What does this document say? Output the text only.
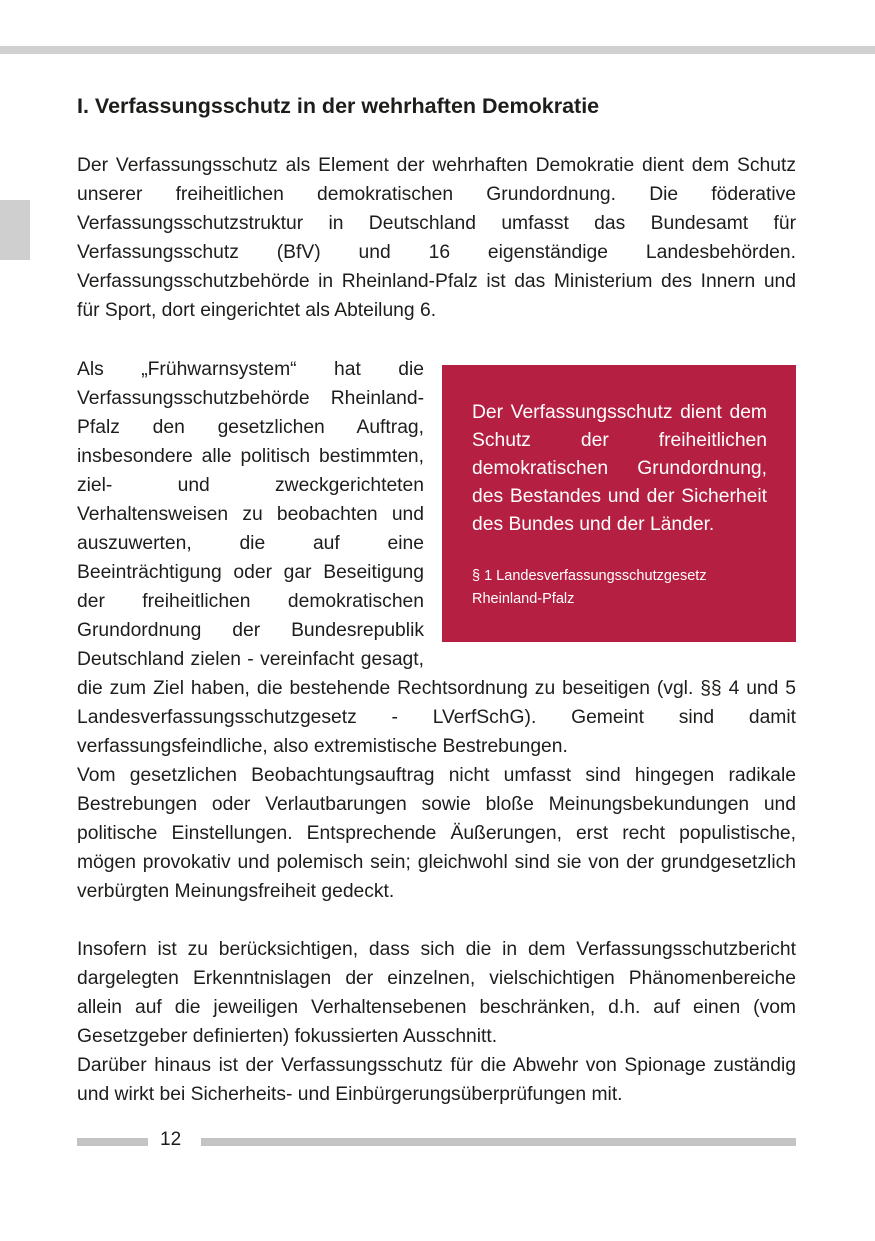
I. Verfassungsschutz in der wehrhaften Demokratie

Der Verfassungsschutz als Element der wehrhaften Demokratie dient dem Schutz unserer freiheitlichen demokratischen Grundordnung. Die föderative Verfassungsschutzstruktur in Deutschland umfasst das Bundesamt für Verfassungsschutz (BfV) und 16 eigenständige Landesbehörden. Verfassungsschutzbehörde in Rheinland-Pfalz ist das Ministerium des Innern und für Sport, dort eingerichtet als Abteilung 6.

Der Verfassungsschutz dient dem Schutz der freiheitlichen demokratischen Grundordnung, des Bestandes und der Sicherheit des Bundes und der Länder.

§ 1 Landesverfassungsschutzgesetz
Rheinland-Pfalz

Als „Frühwarnsystem“ hat die Verfassungsschutzbehörde Rheinland-Pfalz den gesetzlichen Auftrag, insbesondere alle politisch bestimmten, ziel- und zweckgerichteten Verhaltensweisen zu beobachten und auszuwerten, die auf eine Beeinträchtigung oder gar Beseitigung der freiheitlichen demokratischen Grundordnung der Bundesrepublik Deutschland zielen - vereinfacht gesagt, die zum Ziel haben, die bestehende Rechtsordnung zu beseitigen (vgl. §§ 4 und 5 Landesverfassungsschutzgesetz - LVerfSchG). Gemeint sind damit verfassungsfeindliche, also extremistische Bestrebungen.
Vom gesetzlichen Beobachtungsauftrag nicht umfasst sind hingegen radikale Bestrebungen oder Verlautbarungen sowie bloße Meinungsbekundungen und politische Einstellungen. Entsprechende Äußerungen, erst recht populistische, mögen provokativ und polemisch sein; gleichwohl sind sie von der grundgesetzlich verbürgten Meinungsfreiheit gedeckt.
Insofern ist zu berücksichtigen, dass sich die in dem Verfassungsschutzbericht dargelegten Erkenntnislagen der einzelnen, vielschichtigen Phänomenbereiche allein auf die jeweiligen Verhaltensebenen beschränken, d.h. auf einen (vom Gesetzgeber definierten) fokussierten Ausschnitt.
Darüber hinaus ist der Verfassungsschutz für die Abwehr von Spionage zuständig und wirkt bei Sicherheits- und Einbürgerungsüberprüfungen mit.
12
